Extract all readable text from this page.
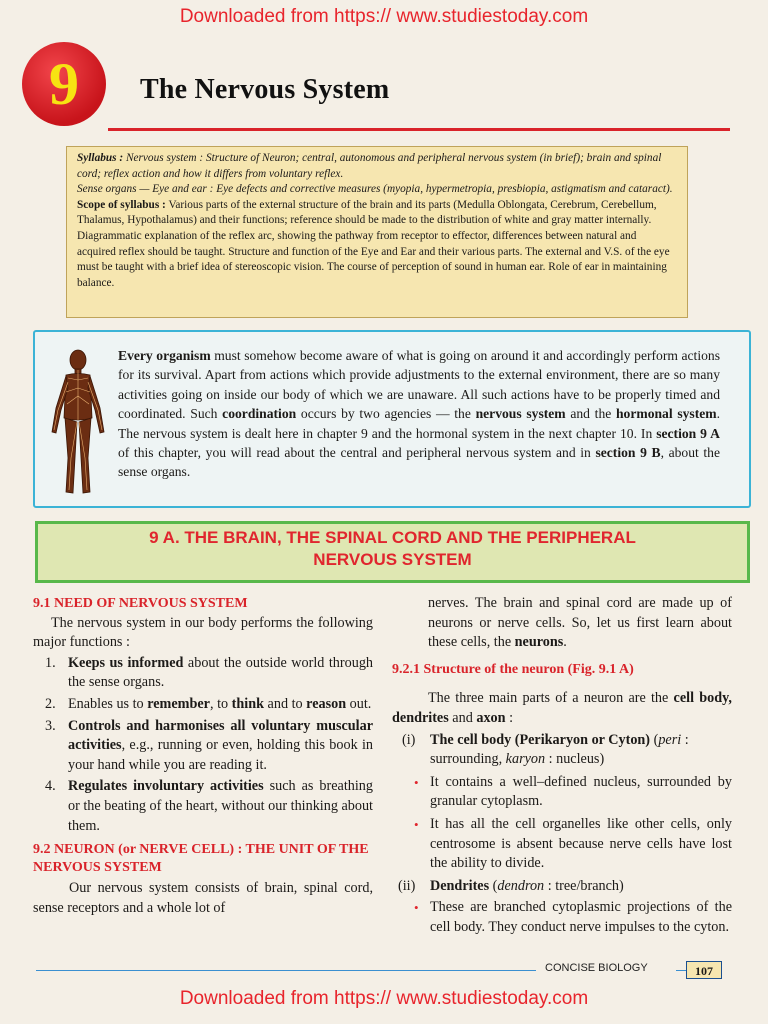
Downloaded from https:// www.studiestoday.com
9	The Nervous System

Syllabus : Nervous system : Structure of Neuron; central, autonomous and peripheral nervous system (in brief); brain and spinal cord; reflex action and how it differs from voluntary reflex.

Sense organs — Eye and ear : Eye defects and corrective measures (myopia, hypermetropia, presbiopia, astigmatism and cataract).

Scope of syllabus : Various parts of the external structure of the brain and its parts (Medulla Oblongata, Cerebrum, Cerebellum, Thalamus, Hypothalamus) and their functions; reference should be made to the distribution of white and gray matter internally. Diagrammatic explanation of the reflex arc, showing the pathway from receptor to effector, differences between natural and acquired reflex should be taught. Structure and function of the Eye and Ear and their various parts. The external and V.S. of the eye must be taught with a brief idea of stereoscopic vision. The course of perception of sound in human ear. Role of ear in maintaining balance.

Every organism must somehow become aware of what is going on around it and accordingly perform actions for its survival. Apart from actions which provide adjustments to the external environment, there are so many activities going on inside our body of which we are unaware. All such actions have to be properly timed and coordinated. Such coordination occurs by two agencies — the nervous system and the hormonal system. The nervous system is dealt here in chapter 9 and the hormonal system in the next chapter 10. In section 9 A of this chapter, you will read about the central and peripheral nervous system and in section 9 B, about the sense organs.
9 A. THE BRAIN, THE SPINAL CORD AND THE PERIPHERAL
NERVOUS SYSTEM
9.1 NEED OF NERVOUS SYSTEM
The nervous system in our body performs the following major functions :
1. Keeps us informed about the outside world through the sense organs.
2. Enables us to remember, to think and to reason out.
3. Controls and harmonises all voluntary muscular activities, e.g., running or even, holding this book in your hand while you are reading it.
4. Regulates involuntary activities such as breathing or the beating of the heart, without our thinking about them.
9.2 NEURON (or NERVE CELL) : THE UNIT OF THE NERVOUS SYSTEM
Our nervous system consists of brain, spinal cord, sense receptors and a whole lot of
nerves. The brain and spinal cord are made up of neurons or nerve cells. So, let us first learn about these cells, the neurons.
9.2.1 Structure of the neuron (Fig. 9.1 A)
The three main parts of a neuron are the cell body, dendrites and axon :
(i) The cell body (Perikaryon or Cyton) (peri : surrounding, karyon : nucleus)
• It contains a well–defined nucleus, surrounded by granular cytoplasm.
• It has all the cell organelles like other cells, only centrosome is absent because nerve cells have lost the ability to divide.
(ii) Dendrites (dendron : tree/branch)
• These are branched cytoplasmic projections of the cell body. They conduct nerve impulses to the cyton.
CONCISE BIOLOGY	107
Downloaded from https:// www.studiestoday.com
